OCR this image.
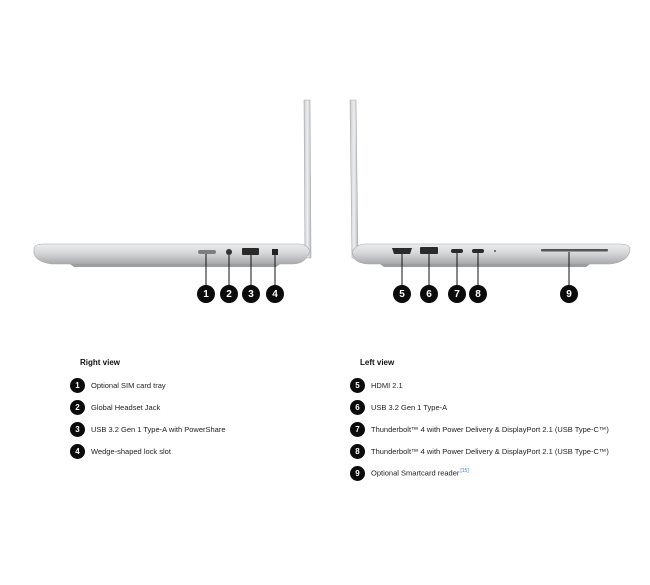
1	2	3	4	5	6	7	8	9
Right view
1	Optional SIM card tray
2	Global Headset Jack
3	USB 3.2 Gen 1 Type-A with PowerShare
4	Wedge-shaped lock slot
Left view
5	HDMI 2.1
6	USB 3.2 Gen 1 Type-A
7	Thunderbolt™ 4 with Power Delivery & DisplayPort 2.1 (USB Type-C™)
8	Thunderbolt™ 4 with Power Delivery & DisplayPort 2.1 (USB Type-C™)
9	Optional Smartcard reader[15]
